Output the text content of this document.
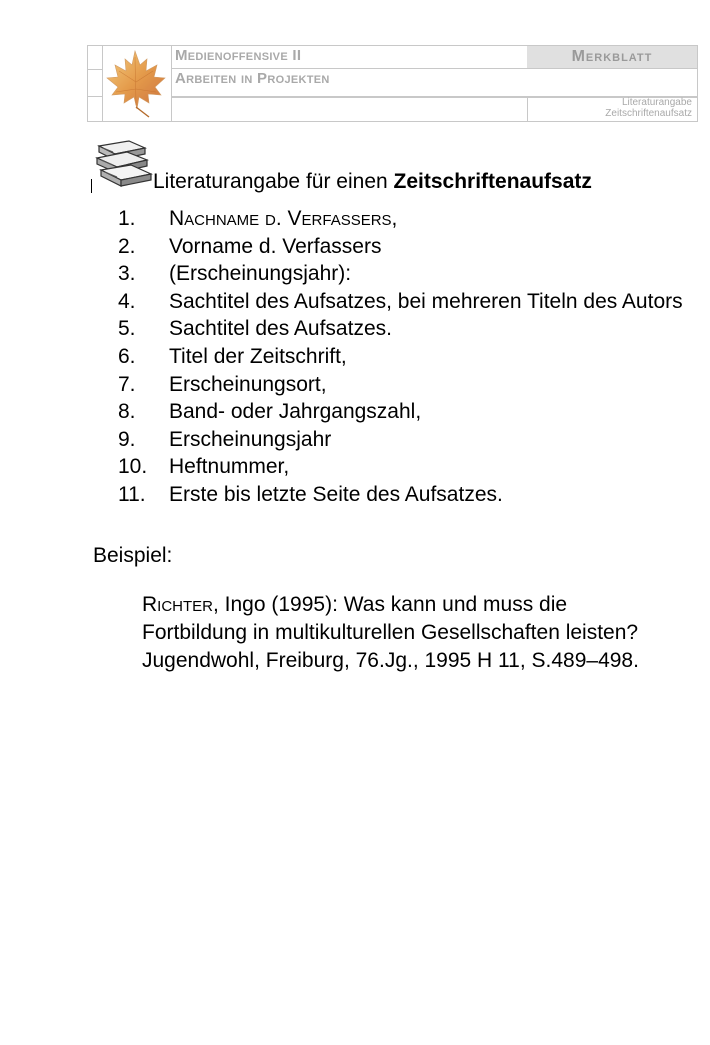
Medienoffensive II
Arbeiten in Projekten
Merkblatt
Literaturangabe
Zeitschriftenaufsatz
Literaturangabe für einen Zeitschriftenaufsatz
1.	Nachname d. Verfassers,
2.	Vorname d. Verfassers
3.	(Erscheinungsjahr):
4.	Sachtitel des Aufsatzes, bei mehreren Titeln des Autors
5.	Sachtitel des Aufsatzes.
6.	Titel der Zeitschrift,
7.	Erscheinungsort,
8.	Band- oder Jahrgangszahl,
9.	Erscheinungsjahr
10.	Heftnummer,
11.	Erste bis letzte Seite des Aufsatzes.
Beispiel:
Richter, Ingo (1995): Was kann und muss die Fortbildung in multikulturellen Gesellschaften leisten? Jugendwohl, Freiburg, 76.Jg., 1995 H 11, S.489–498.
